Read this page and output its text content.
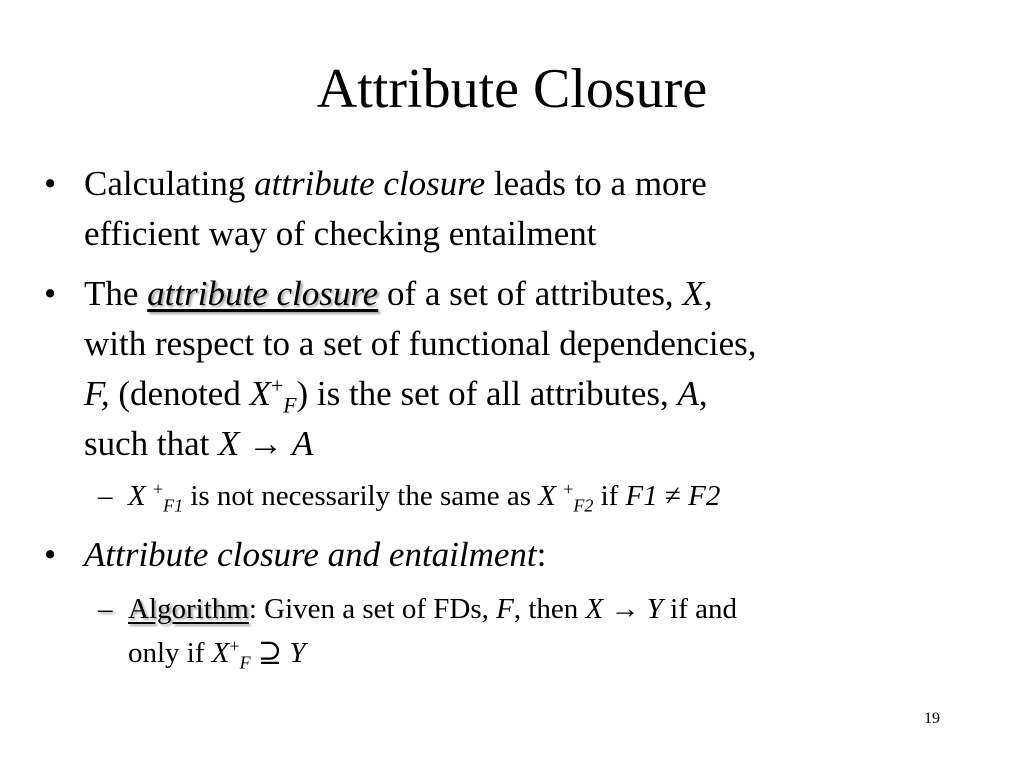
Attribute Closure
• Calculating attribute closure leads to a more
efficient way of checking entailment
• The attribute closure of a set of attributes, X,
with respect to a set of functional dependencies,
F, (denoted $X^+_F$) is the set of all attributes, A,
such that X → A
– X +$_{F1}$ is not necessarily the same as X +$_{F2}$ if F1 ≠ F2
• Attribute closure and entailment:
– Algorithm: Given a set of FDs, F, then X → Y if and
only if $X^+_F$ ⊇ Y
19
